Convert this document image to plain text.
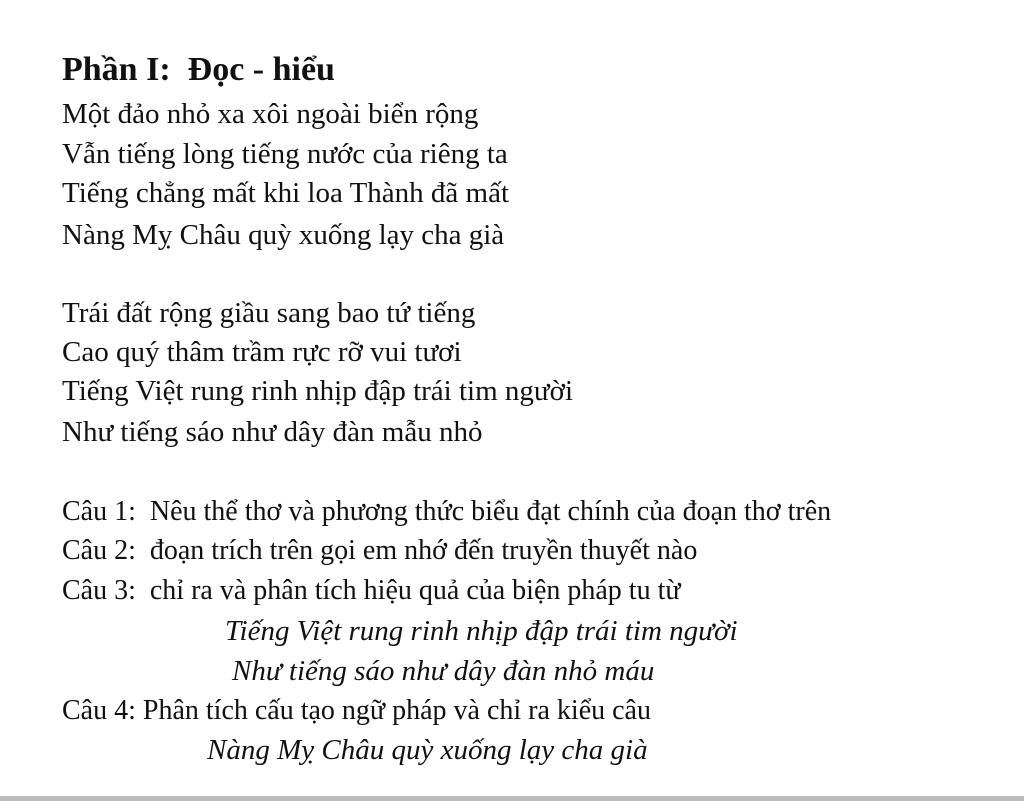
Phần I:  Đọc - hiểu
Một đảo nhỏ xa xôi ngoài biển rộng
Vẫn tiếng lòng tiếng nước của riêng ta
Tiếng chẳng mất khi loa Thành đã mất
Nàng Mỵ Châu quỳ xuống lạy cha già
Trái đất rộng giầu sang bao tứ tiếng
Cao quý thâm trầm rực rỡ vui tươi
Tiếng Việt rung rinh nhịp đập trái tim người
Như tiếng sáo như dây đàn mẫu nhỏ
Câu 1:  Nêu thể thơ và phương thức biểu đạt chính của đoạn thơ trên
Câu 2:  đoạn trích trên gọi em nhớ đến truyền thuyết nào
Câu 3:  chỉ ra và phân tích hiệu quả của biện pháp tu từ
Tiếng Việt rung rinh nhịp đập trái tim người
Như tiếng sáo như dây đàn nhỏ máu
Câu 4: Phân tích cấu tạo ngữ pháp và chỉ ra kiểu câu
Nàng Mỵ Châu quỳ xuống lạy cha già
